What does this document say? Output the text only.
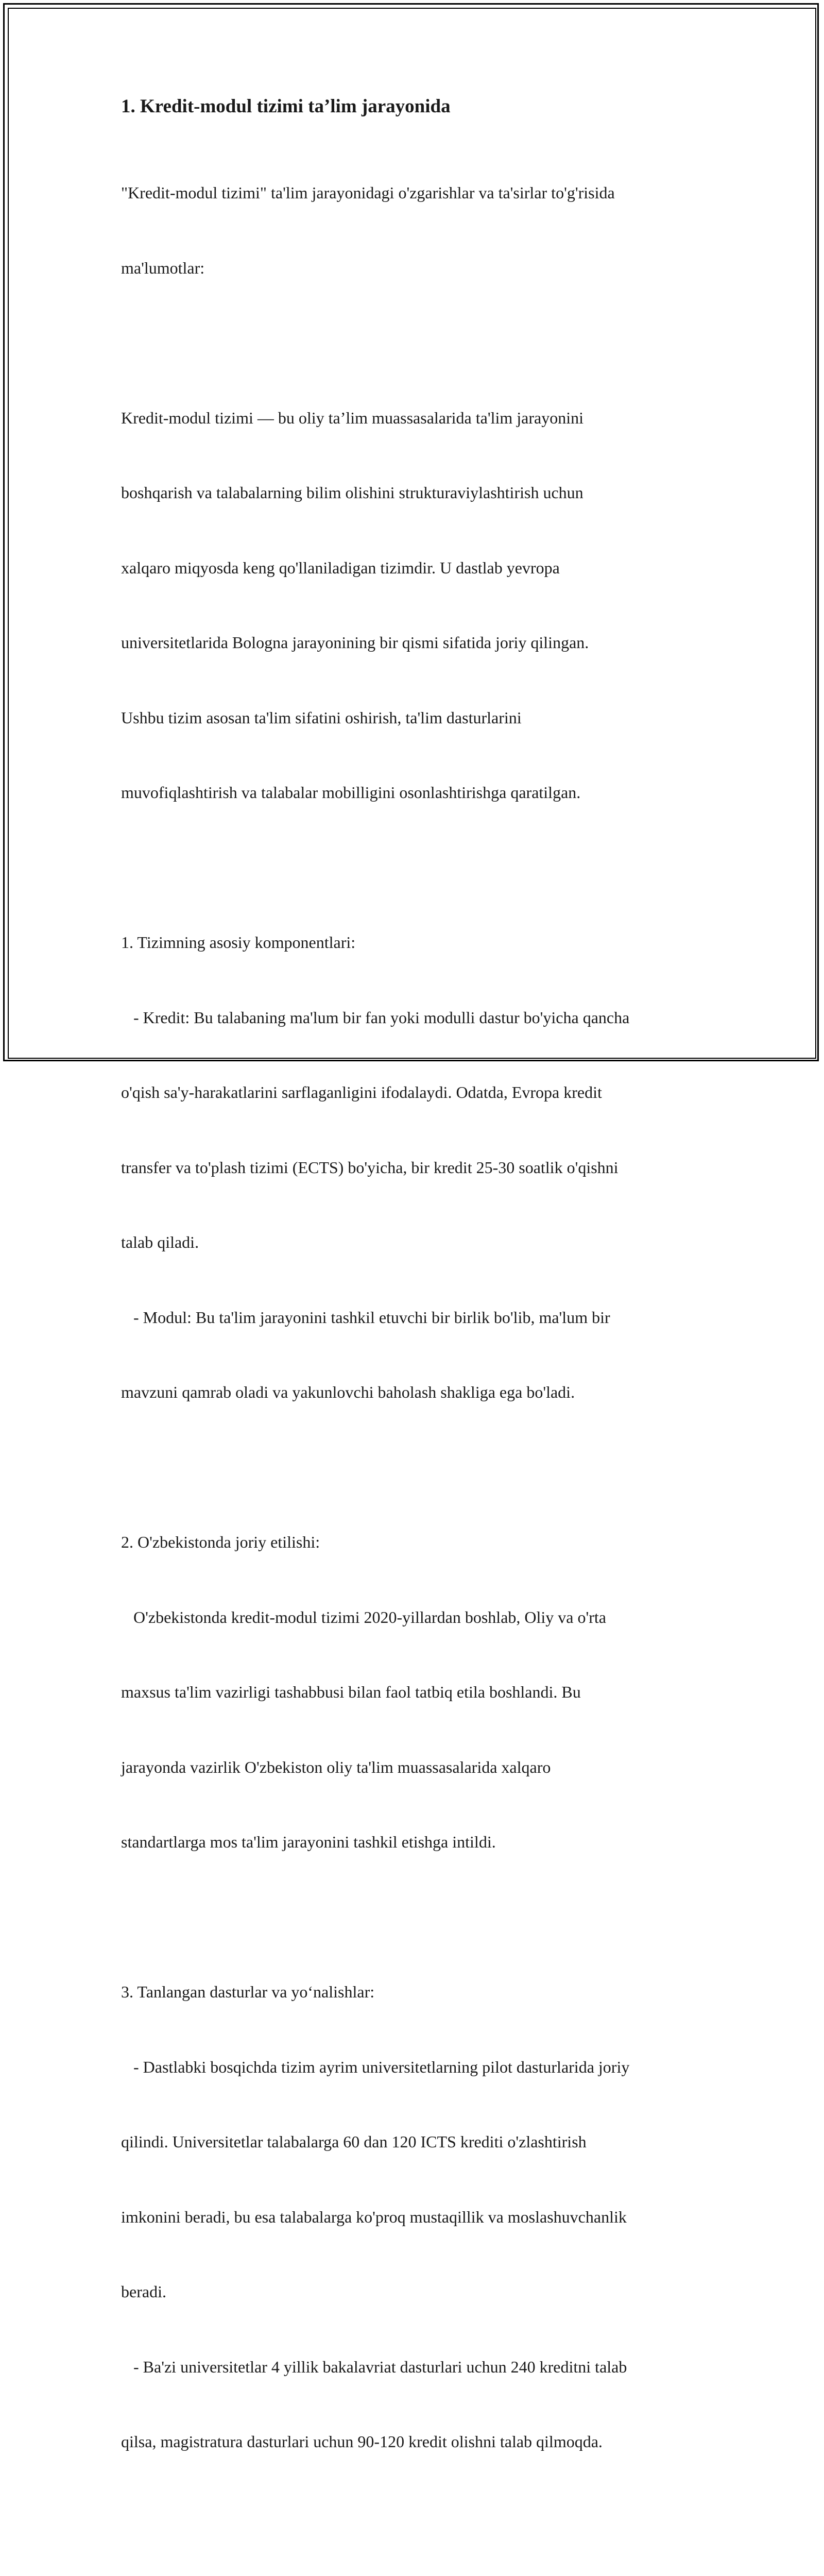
1. Kredit-modul tizimi ta’lim jarayonida

"Kredit-modul tizimi" ta'lim jarayonidagi o'zgarishlar va ta'sirlar to'g'risida

ma'lumotlar:

Kredit-modul tizimi — bu oliy ta’lim muassasalarida ta'lim jarayonini

boshqarish va talabalarning bilim olishini strukturaviylashtirish uchun

xalqaro miqyosda keng qo'llaniladigan tizimdir. U dastlab yevropa

universitetlarida Bologna jarayonining bir qismi sifatida joriy qilingan.

Ushbu tizim asosan ta'lim sifatini oshirish, ta'lim dasturlarini

muvofiqlashtirish va talabalar mobilligini osonlashtirishga qaratilgan.

1. Tizimning asosiy komponentlari:

- Kredit: Bu talabaning ma'lum bir fan yoki modulli dastur bo'yicha qancha

o'qish sa'y-harakatlarini sarflaganligini ifodalaydi. Odatda, Evropa kredit

transfer va to'plash tizimi (ECTS) bo'yicha, bir kredit 25-30 soatlik o'qishni

talab qiladi.

- Modul: Bu ta'lim jarayonini tashkil etuvchi bir birlik bo'lib, ma'lum bir

mavzuni qamrab oladi va yakunlovchi baholash shakliga ega bo'ladi.

2. O'zbekistonda joriy etilishi:

O'zbekistonda kredit-modul tizimi 2020-yillardan boshlab, Oliy va o'rta

maxsus ta'lim vazirligi tashabbusi bilan faol tatbiq etila boshlandi. Bu

jarayonda vazirlik O'zbekiston oliy ta'lim muassasalarida xalqaro

standartlarga mos ta'lim jarayonini tashkil etishga intildi.

3. Tanlangan dasturlar va yo‘nalishlar:

- Dastlabki bosqichda tizim ayrim universitetlarning pilot dasturlarida joriy

qilindi. Universitetlar talabalarga 60 dan 120 ICTS krediti o'zlashtirish

imkonini beradi, bu esa talabalarga ko'proq mustaqillik va moslashuvchanlik

beradi.

- Ba'zi universitetlar 4 yillik bakalavriat dasturlari uchun 240 kreditni talab

qilsa, magistratura dasturlari uchun 90-120 kredit olishni talab qilmoqda.
